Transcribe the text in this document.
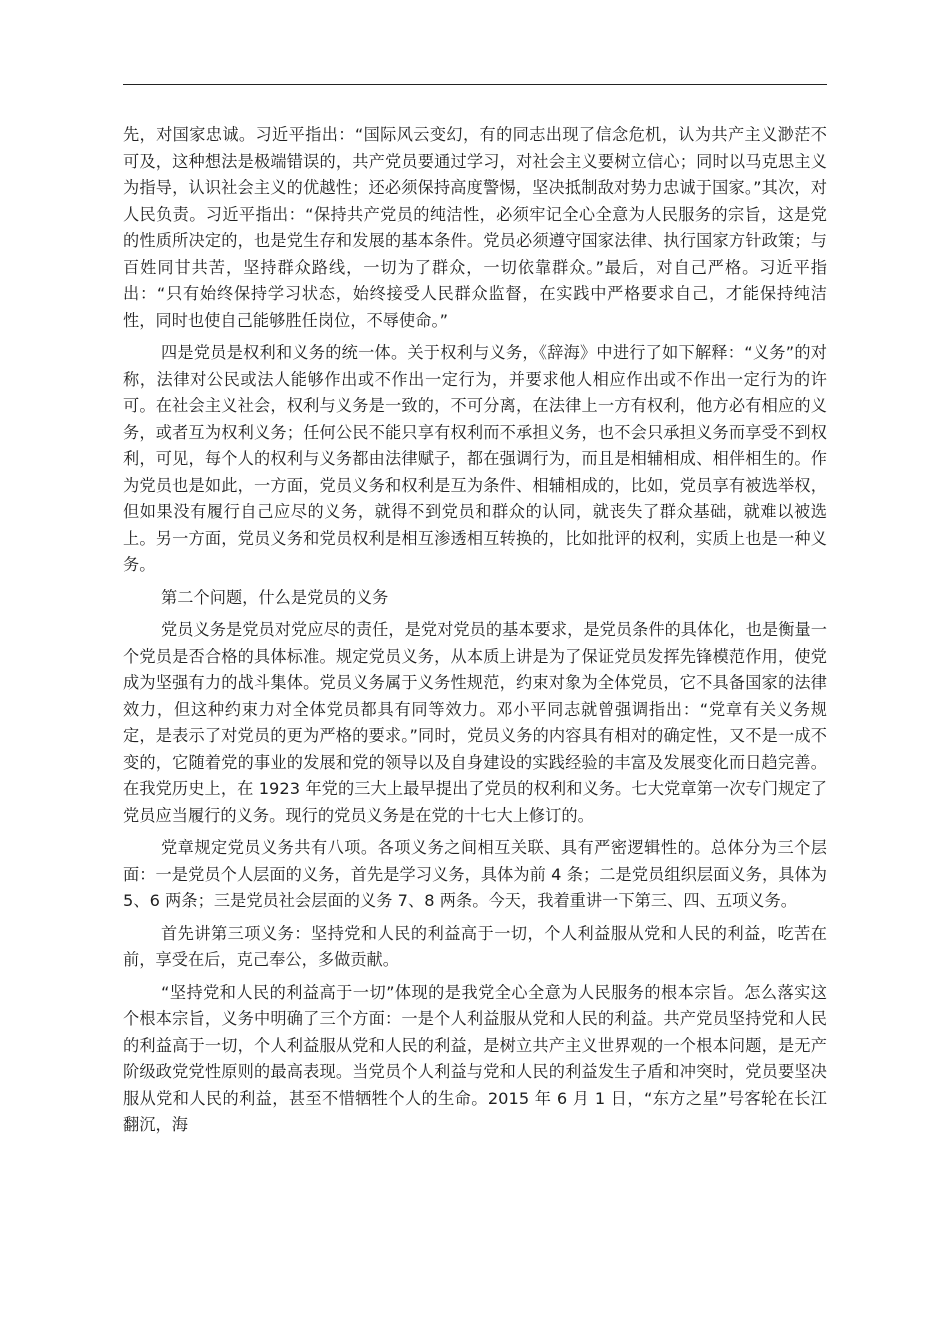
先，对国家忠诚。习近平指出：“国际风云变幻，有的同志出现了信念危机，认为共产主义渺茫不可及，这种想法是极端错误的，共产党员要通过学习，对社会主义要树立信心；同时以马克思主义为指导，认识社会主义的优越性；还必须保持高度警惕，坚决抵制敌对势力忠诚于国家。”其次，对人民负责。习近平指出：“保持共产党员的纯洁性，必须牢记全心全意为人民服务的宗旨，这是党的性质所决定的，也是党生存和发展的基本条件。党员必须遵守国家法律、执行国家方针政策；与百姓同甘共苦，坚持群众路线，一切为了群众，一切依靠群众。”最后，对自己严格。习近平指出：“只有始终保持学习状态，始终接受人民群众监督，在实践中严格要求自己，才能保持纯洁性，同时也使自己能够胜任岗位，不辱使命。”

四是党员是权利和义务的统一体。关于权利与义务，《辞海》中进行了如下解释：“义务”的对称，法律对公民或法人能够作出或不作出一定行为，并要求他人相应作出或不作出一定行为的许可。在社会主义社会，权利与义务是一致的，不可分离，在法律上一方有权利，他方必有相应的义务，或者互为权利义务；任何公民不能只享有权利而不承担义务，也不会只承担义务而享受不到权利，可见，每个人的权利与义务都由法律赋子，都在强调行为，而且是相辅相成、相伴相生的。作为党员也是如此，一方面，党员义务和权利是互为条件、相辅相成的，比如，党员享有被选举权，但如果没有履行自己应尽的义务，就得不到党员和群众的认同，就丧失了群众基础，就难以被选上。另一方面，党员义务和党员权利是相互渗透相互转换的，比如批评的权利，实质上也是一种义务。

第二个问题，什么是党员的义务

党员义务是党员对党应尽的责任，是党对党员的基本要求，是党员条件的具体化，也是衡量一个党员是否合格的具体标准。规定党员义务，从本质上讲是为了保证党员发挥先锋模范作用，使党成为坚强有力的战斗集体。党员义务属于义务性规范，约束对象为全体党员，它不具备国家的法律效力，但这种约束力对全体党员都具有同等效力。邓小平同志就曾强调指出：“党章有关义务规定，是表示了对党员的更为严格的要求。”同时，党员义务的内容具有相对的确定性，又不是一成不变的，它随着党的事业的发展和党的领导以及自身建设的实践经验的丰富及发展变化而日趋完善。在我党历史上，在 1923 年党的三大上最早提出了党员的权利和义务。七大党章第一次专门规定了党员应当履行的义务。现行的党员义务是在党的十七大上修订的。

党章规定党员义务共有八项。各项义务之间相互关联、具有严密逻辑性的。总体分为三个层面：一是党员个人层面的义务，首先是学习义务，具体为前 4 条；二是党员组织层面义务，具体为 5、6 两条；三是党员社会层面的义务 7、8 两条。今天，我着重讲一下第三、四、五项义务。

首先讲第三项义务：坚持党和人民的利益高于一切，个人利益服从党和人民的利益，吃苦在前，享受在后，克己奉公，多做贡献。

“坚持党和人民的利益高于一切”体现的是我党全心全意为人民服务的根本宗旨。怎么落实这个根本宗旨，义务中明确了三个方面：一是个人利益服从党和人民的利益。共产党员坚持党和人民的利益高于一切，个人利益服从党和人民的利益，是树立共产主义世界观的一个根本问题，是无产阶级政党党性原则的最高表现。当党员个人利益与党和人民的利益发生子盾和冲突时，党员要坚决服从党和人民的利益，甚至不惜牺牲个人的生命。2015 年 6 月 1 日，“东方之星”号客轮在长江翻沉，海
